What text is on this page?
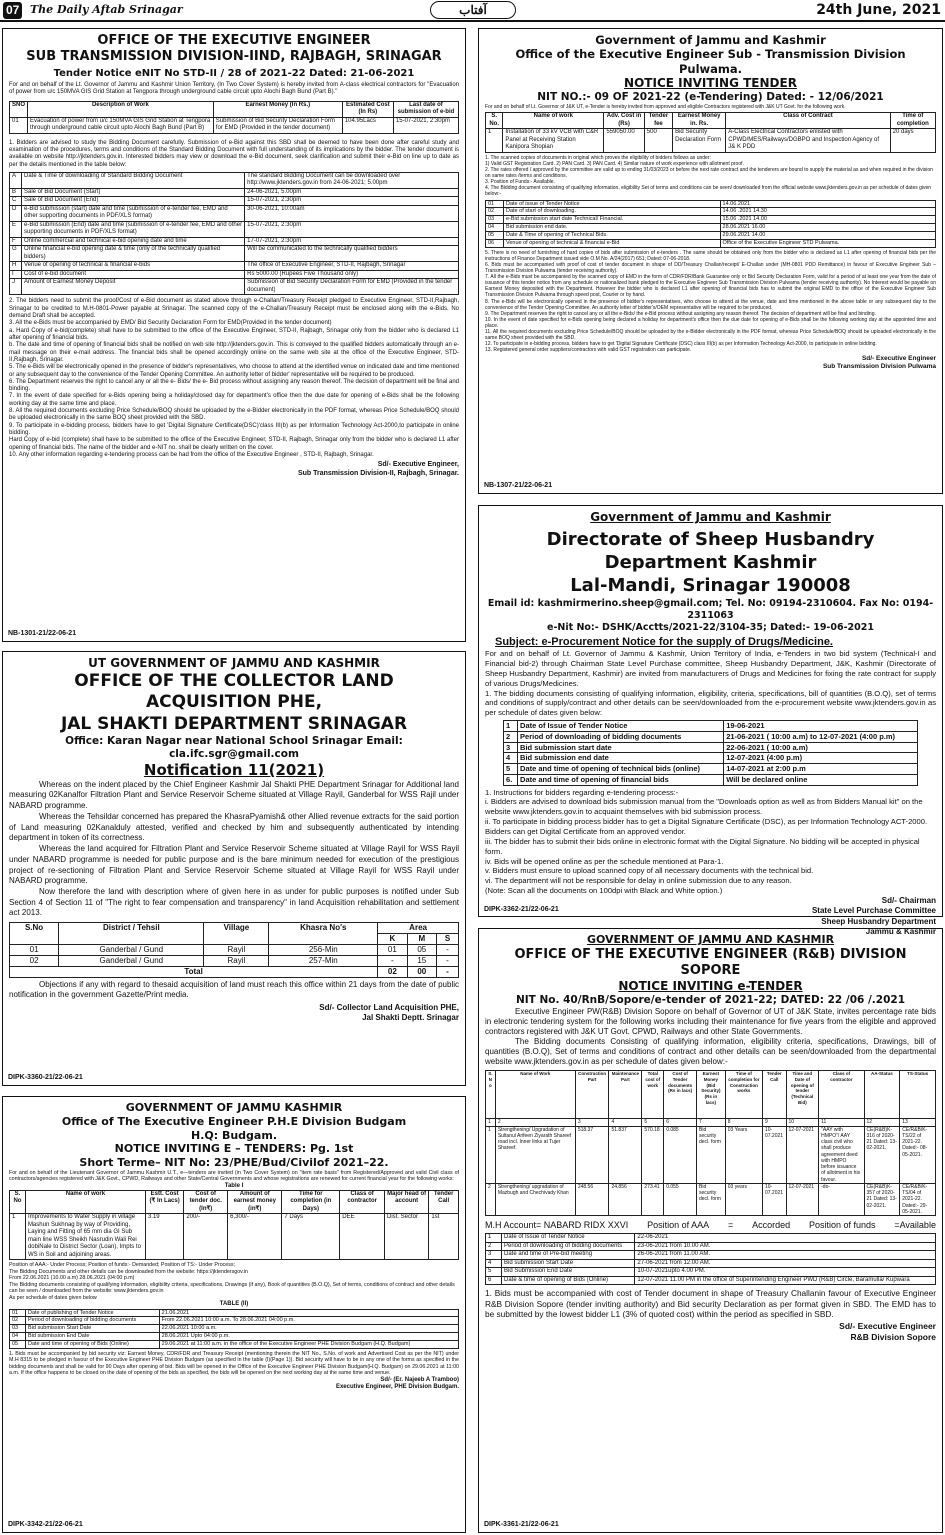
07 The Daily Aftab Srinagar	آفتاب	24th June, 2021
OFFICE OF THE EXECUTIVE ENGINEER
SUB TRANSMISSION DIVISION-IIND, RAJBAGH, SRINAGAR
Tender Notice eNIT No STD-II / 28 of 2021-22 Dated: 21-06-2021

For and on behalf of the Lt. Governor of Jammu and Kashmir Union Territory, (In Two Cover System) is hereby invited from A-class electrical contractors for "Evacuation of power from u/c 150MVA GIS Grid Station at Tengpora through underground cable circuit upto Alochi Bagh Bund (Part B)."

SNO	Description of Work	Earnest Money (In Rs.)	Estimated Cost (In Rs)	Last date of submission of e-bid
01	Evacuation of power from u/c 150MVA GIS Grid Station at Tengpora through underground cable circuit upto Alochi Bagh Bund (Part B)	Submission of Bid Security Declaration Form for EMD (Provided in the tender document)	104.95Lacs	15-07-2021, 2:30pm

1. Bidders are advised to study the Bidding Document carefully. Submission of e-Bid against this SBD shall be deemed to have been done after careful study and examination of the procedures, terms and conditions of the Standard Bidding Document with full understanding of its implications by the bidder. The tender document is available on website http://jktenders.gov.in. Interested bidders may view or download the e-Bid document, seek clarification and submit their e-Bid on line up to date as per the details mentioned in the table below:

A	Date & Time of downloading of Standard Bidding Document	The standard Bidding Document can be downloaded over http://www.jktenders.gov.in from 24-06-2021; 5.00pm
B	Sale of Bid Document (Start)	24-06-2021, 5.00pm
C	Sale of Bid Document (End)	15-07-2021, 2:30pm
D	e-Bid submission (start) date and time (submission of e-tender fee, EMD and other supporting documents in PDF/XLS format)	30-06-2021, 10:00am
E	e-Bid submission (End) date and time (submission of e-tender fee, EMD and other supporting documents in PDF/XLS format)	15-07-2021, 2:30pm
F	Online commercial and technical e-bid opening date and time	17-07-2021, 2:30pm
G	Online financial e-bid opening date & time (only of the technically qualified bidders)	Will be communicated to the technically qualified bidders
H	Venue of opening of technical & financial e-bids	The office of Executive Engineer, STD-II, Rajbagh, Srinagar
I	Cost of e-bid document	Rs 5000.00 (Rupees Five Thousand only)
J	Amount of Earnest Money Deposit	Submission of Bid Security Declaration Form for EMD (Provided in the tender document)

2. The bidders need to submit the proof/Cost of e-Bid document as stated above through e-Challan/Treasury Receipt pledged to Executive Engineer, STD-II,Rajbagh, Srinagar to be credited to M.H-0801-Power payable at Srinagar. The scanned copy of the e-Challan/Treasury Receipt must be enclosed along with the e-Bids. No demand Draft shall be accepted.

3. All the e-Bids must be accompanied by EMD/ Bid Security Declaration Form for EMD(Provided in the tender document)

a. Hard Copy of e-bid(complete) shall have to be submitted to the office of the Executive Engineer, STD-II, Rajbagh, Srinagar only from the bidder who is declared L1 after opening of financial bids.

b. The date and time of opening of financial bids shall be notified on web site http://jktenders.gov.in. This is conveyed to the qualified bidders automatically through an e-mail message on their e-mail address. The financial bids shall be opened accordingly online on the same web site at the office of the Executive Engineer, STD-II,Rajbagh, Srinagar.

5. The e-Bids will be electronically opened in the presence of bidder's representatives, who choose to attend at the identified venue on indicated date and time mentioned or any subsequent day to the convenience of the Tender Opening Committee. An authority letter of bidder' representative will be required to be produced.

6. The Department reserves the right to cancel any or all the e- Bids/ the e- Bid process without assigning any reason thereof. The decision of department will be final and binding.

7. In the event of date specified for e-Bids opening being a holiday/closed day for department's office then the due date for opening of e-Bids shall be the following working day at the same time and place.

8. All the required documents excluding Price Schedule/BOQ should be uploaded by the e-Bidder electronically in the PDF format, whereas Price Schedule/BOQ should be uploaded electronically in the same BOQ sheet provided with the SBD.

9. To participate in e-bidding process, bidders have to get 'Digital Signature Certificate(DSC)'class III(b) as per Information Technology Act-2000,to participate in online bidding.

Hard Copy of e-bid (complete) shall have to be submitted to the office of the Executive Engineer, STD-II, Rajbagh, Srinagar only from the bidder who is declared L1 after opening of financial bids. The name of the bidder and e-NIT no. shall be clearly written on the cover.

10. Any other information regarding e-tendering process can be had from the office of the Executive Engineer , STD-II, Rajbagh, Srinagar.

Sd/- Executive Engineer,
Sub Transmission Division-II, Rajbagh, Srinagar.
NB-1301-21/22-06-21
Government of Jammu and Kashmir
Office of the Executive Engineer Sub - Transmission Division Pulwama.
NOTICE INVITING TENDER
NIT NO.:- 09 OF 2021-22 (e-Tendering) Dated: - 12/06/2021

For and on behalf of Lt. Governor of J&K UT, e-Tender is hereby invited from approved and eligible Contractors registered with J&K UT Govt. for the following work.

S. No.	Name of work	Adv. Cost in (Rs)	Tender fee	Earnest Money in. Rs.	Class of Contract	Time of completion
1	Installation of 33 kV VCB with C&R Panel at Receiving Station Kanipora Shopian	559050.00	500	Bid Security Declaration Form	A-Class Electrical Contractors enlisted with CPWD/MES/Railways/DGBPO and Inspection Agency of J& K PDD	20 days

1. The scanned copies of documents in original which proves the eligibility of bidders follows as under:
1) Valid GST Registration Card. 2) PAN Card. 3) PAN Card. 4) Similar nature of work experience with allotment proof.
2. The rates offered / approved by the committee are valid up to ending 31/03/2023 or before the next rate contract and the tenderers are bound to supply the material as and when required in the division on same rates /terms and conditions.
3. Position of Funds:- Available.
4. The Bidding document consisting of qualifying information, eligibility Set of terms and conditions can be seen/ downloaded from the official website www.jktenders.gov.in as per schedule of dates given below:-

01	Date of issue of Tender Notice	14.06.2021
02	Date of start of downloading.	14.06 .2021 14.30
03	e-Bid submission start date Technical/ Financial.	15.06 .2021 14.00
04	Bid submission end date.	28.06.2021 16.00
05	Date & Time of opening of Technical Bids.	29.06.2021 14.00
06	Venue of opening of technical & financial e-Bid	Office of the Executive Engineer STD Pulwama.

5. There is no need of furnishing of hard copies of bids after submission of e-tenders . The same should be obtained only from the bidder who is declared as L1 after opening of financial bids per the instructions of Finance Department issued vide O.M No. A/24(2017) 651; Dated: 07-06-2018.
6. Bids must be accompanied with proof of cost of tender document in shape of DD/Treasury Challan/receipt/ E-Challan under (MH-0801 PDD Remittance) in favour of Executive Engineer Sub –Transmission Division Pulwama (tender receiving authority).
7. All the e-Bids must be accompanied by the scanned copy of EMD in the form of CDR/FDR/Bank Guarantee only or Bid Security Declaration Form, valid for a period of at least one year from the date of issuance of this tender notice from any schedule or nationalized bank pledged to the Executive Engineer Sub Transmission Division Pulwama (tender receiving authority). No Interest would be payable on Earnest Money deposited with the Department. However the bidder who is declared L1 after opening of financial bids has to submit the original EMD to the office of the Executive Engineer Sub Transmission Division Pulwama through speed post, Courier or by hand.
8. The e-Bids will be electronically opened in the presence of bidder's representatives, who choose to attend at the venue, date and time mentioned in the above table or any subsequent day to the convenience of the Tender Opening Committee. An authority letter of bidder's/OEM representative will be required to be produced.
9. The Department reserves the right to cancel any or all the e-Bids/ the e-Bid process without assigning any reason thereof. The decision of department will be final and binding.
10. In the event of date specified for e-Bids opening being declared a holiday for department's office then the due date for opening of e-Bids shall be the following working day at the appointed time and place.
11. All the required documents excluding Price Schedule/BOQ should be uploaded by the e-Bidder electronically in the PDF format, whereas Price Schedule/BOQ should be uploaded electronically in the same BOQ sheet provided with the SBD.
12. To participate in e-bidding process, bidders have to get 'Digital Signature Certificate (DSC) class III(b) as per Information Technology Act-2000, to participate in online bidding.
13. Registered general order suppliers/contractors with valid GST registration can participate.

Sd/- Executive Engineer
Sub Transmission Division Pulwama
NB-1307-21/22-06-21
Government of Jammu and Kashmir
Directorate of Sheep Husbandry Department Kashmir
Lal-Mandi, Srinagar 190008
Email id: kashmirmerino.sheep@gmail.com; Tel. No: 09194-2310604. Fax No: 0194-2311063
e-Nit No:- DSHK/Acctts/2021-22/3104-35; Dated:- 19-06-2021
Subject: e-Procurement Notice for the supply of Drugs/Medicine.

For and on behalf of Lt. Governor of Jammu & Kashmir, Union Territory of India, e-Tenders in two bid system (Technical-I and Financial bid-2) through Chairman State Level Purchase committee, Sheep Husbandry Department, J&K, Kashmir (Directorate of Sheep Husbandry Department, Kashmir) are invited from manufacturers of Drugs and Medicines for fixing the rate contract for supply of various Drugs/Medicines.

1. The bidding documents consisting of qualifying information, eligibility, criteria, specifications, bill of quantities (B.O.Q), set of terms and conditions of supply/contract and other details can be seen/downloaded from the e-procurement website www.jktenders.gov.in as per schedule of dates given below:

1	Date of Issue of Tender Notice	19-06-2021
2	Period of downloading of bidding documents	21-06-2021 ( 10:00 a.m) to 12-07-2021 (4:00 p.m)
3	Bid submission start date	22-06-2021 ( 10:00 a.m)
4	Bid submission end date	12-07-2021 (4:00 p.m)
5	Date and time of opening of technical bids (online)	14-07-2021 at 2:00 p.m
6.	Date and time of opening of financial bids	Will be declared online

1. Instructions for bidders regarding e-tendering process:-
i. Bidders are advised to download bids submission manual from the "Downloads option as well as from Bidders Manual kit" on the website www.jktenders.gov.in to acquaint themselves with bid submission process.
ii. To participate in bidding process bidder has to get a Digital Signature Certificate (DSC), as per Information Technology ACT-2000. Bidders can get Digital Certificate from an approved vendor.
iii. The bidder has to submit their bids online in electronic format with the Digital Signature. No bidding will be accepted in physical form.
iv. Bids will be opened online as per the schedule mentioned at Para-1.
v. Bidders must ensure to upload scanned copy of all necessary documents with the technical bid.
vi. The department will not be responsible for delay in online submission due to any reason.
(Note: Scan all the documents on 100dpi with Black and White option.)

Sd/- Chairman
State Level Purchase Committee
Sheep Husbandry Department
Jammu & Kashmir
DIPK-3362-21/22-06-21
UT GOVERNMENT OF JAMMU AND KASHMIR
OFFICE OF THE COLLECTOR LAND ACQUISITION PHE,
JAL SHAKTI DEPARTMENT SRINAGAR
Office: Karan Nagar near National School Srinagar Email: cla.ifc.sgr@gmail.com
Notification 11(2021)

Whereas on the indent placed by the Chief Engineer Kashmir Jal Shakti PHE Department Srinagar for Additional land measuring 02Kanalfor Filtration Plant and Service Reservoir Scheme situated at Village Rayil, Ganderbal for WSS Rajil under NABARD programme.

Whereas the Tehsildar concerned has prepared the KhasraPyamish& other Allied revenue extracts for the said portion of Land measuring 02Kanalduly attested, verified and checked by him and subsequently authenticated by intending department in token of its correctness.

Whereas the land acquired for Filtration Plant and Service Reservoir Scheme situated at Village Rayil for WSS Rayil under NABARD programme is needed for public purpose and is the bare minimum needed for execution of the prestigious project of re-sectioning of Filtration Plant and Service Reservoir Scheme situated at Village Rayil for WSS Rayil under NABARD programme.

Now therefore the land with description where of given here in as under for public purposes is notified under Sub Section 4 of Section 11 of "The right to fear compensation and transparency" in land Acquisition rehabilitation and settlement act 2013.

S.No	District / Tehsil	Village	Khasra No's	Area		
				K	M	S
01	Ganderbal / Gund	Rayil	256-Min	01	05	-
02	Ganderbal / Gund	Rayil	257-Min	-	15	-
Total				02	00	-

Objections if any with regard to thesaid acquisition of land must reach this office within 21 days from the date of public notification in the government Gazette/Print media.

Sd/- Collector Land Acquisition PHE,
Jal Shakti Deptt. Srinagar
DIPK-3360-21/22-06-21
GOVERNMENT OF JAMMU KASHMIR
Office of The Executive Engineer P.H.E Division Budgam
H.Q: Budgam.
NOTICE INVITING E – TENDERS: Pg. 1st
Short Terme– NIT No: 23/PHE/Bud/Civilof 2021–22.

For and on behalf of the Lieutenant Governor of Jammu Kashmir U.T., e—tenders are invited (in Two Cover System) on "item rate basis" from Registered/Approved and valid Civil class of contractors/agencies registered with J&K Govt., CPWD, Railways and other State/Central Governments and whose registrations are renewed for current financial year for the following works:

Table I
S. No	Name of work	Estt. Cost (₹ In Lacs)	Cost of tender doc. (In₹)	Amount of earnest money (in₹)	Time for completion (in Days)	Class of contractor	Major head of account	Tender Call
1	Improvements to Water Supply in village Mashun Sukhnag by way of Providing, Laying and Fitting of 65 mm dia GI Sub main line WSS Sheikh Nasrudin Wali Rei dobiNale to District Sector (Loan), Impts to WS in Soil and adjoining areas.	3.19	200/-	6,300/-	7 Days	DEE	Dist. Sector	1st

Position of AAA:- Under Process; Position of funds:- Demanded; Position of TS:- Under Process;
The Bidding Documents and other details can be downloaded from the website: https://jktendersgov.in
From 22.06.2021 (10.00 a.m) 28.06.2021 (04:00 p.m)
The Bidding documents consisting of qualifying information, eligibility criteria, specifications, Drawings (if any), Book of quantities (B.O.Q), Set of terms, conditions of contract and other details can be seen / downloaded from the website: www.jktenders.gov.in
As per schedule of dates given below

TABLE (II)
01	Date of publishing of Tender Notice	21.06.2021
02	Period of downloading of bidding documents	From 22.06.2021 10:00 a.m. To 28.06.2021 04:00 p.m.
03	Bid submission Start Date	22.06.2021 10:00 a.m.
04	Bid submission End Date	28.06.2021 Upto 04:00 p.m.
05	Date and time of opening of Bids (Online)	29.06.2021 at 11:00 a.m. in the office of the Executive Engineer PHE Division Budgam (H.Q. Budgam)

1. Bids must be accompanied by bid security viz: Earnest Money, CDR/FDR and Treasury Receipt (mentioning therein the NIT No., S.No. of work and Advertised Cost as per the NIT) under M.H 8315 to be pledged in favour of the Executive Engineer PHE Division Budgam (as specified in the table (I)(Page 1)). Bid security will have to be in any one of the forms as specified in the bidding documents and shall be valid for 90 Days after opening of bid. Bids will be opened in the Office of the Executive Engineer PHE Division Budgam(H.Q. Budgam) on 29.06.2021 at 11:00 a.m. If the office happens to be closed on the date of opening of the bids as specified, the bids will be opened on the next working day at the same time and venue.

Sd/- (Er. Najeeb A Tramboo)
Executive Engineer, PHE Division Budgam.
DIPK-3342-21/22-06-21
GOVERNMENT OF JAMMU AND KASHMIR
OFFICE OF THE EXECUTIVE ENGINEER (R&B) DIVISION SOPORE
NOTICE INVITING e-TENDER
NIT No. 40/RnB/Sopore/e-tender of 2021-22; DATED: 22 /06 /.2021

Executive Engineer PW(R&B) Division Sopore on behalf of Governor of UT of J&K State, invites percentage rate bids in electronic tendering system for the following works including their maintenance for five years from the eligible and approved contractors registered with J&K UT Govt. CPWD, Railways and other State Governments.

The Bidding documents Consisting of qualifying information, eligibility criteria, specifications, Drawings, bill of quantities (B.O.Q), Set of terms and conditions of contract and other details can be seen/downloaded from the departmental website www.jktenders.gov.in as per schedule of dates given below:-

S. N o	Name of Work	Construction Part	Maintenance Part	Total cost of work	Cost of Tender documents (Rs in lacs)	Earnest Money (Bid Security) (Rs in lacs)	Time of completion for Construction works	Tender Call	Time and Date of opening of tender (Technical Bid)	Class of contractor	AA-Status	TS-Status
1	2	3	4	5	6	7	8	9	10	11	12	13
1	Strengthening/ Upgradation of Sultanul Arifeen Ziyarath Shareef road incl. Inner links at Tujer Shareef.	518.37	51.837	570.18	0.085	Bid security decl. form	03 Years	10-07.2021	12-07-2021	"AAY with HMPO"/ AAY class civil who shall produce agreement deed with HMPO before issuance of allotment in his favour.	CE(R&B)K-316 of 2020-21 Dated: 13-02-2021.	CE/R&B/K-TS/22 of 2021-22. Dated:- 08-05-2021.
2	Strengthening/ upgradation of Mazbugh and Chechivady Khan	248.56	24.856	273.41	0.055	Bid security decl. form	03 years	10-07.2021	12-07-2021	-do-	CE(R&B)K-357 of 2020-21 Dated: 13-02-2021.	CE/R&B/K-TS/04 of 2021-22. Dated:- 29-05-2021.
M.H Account= NABARD RIDX XXVI Position of AAA = Accorded Position of funds =Available
1	Date of Issue of Tender Notice	22-06-2021
2	Period of downloading of bidding documents	23-06-2021 from 10.00 AM.
3	Date and time of Pre-bid meeting	26-06-2021 from 11.00 AM.
4	Bid submission Start Date	27-06-2021 from 12.00 AM.
5	Bid Submission End Date	10-07-2021upto 4.00 PM.
6	Date & time of opening of Bids (Online)	12-07-2021 11.00 PM in the office of Superintending Engineer PWD (R&B) Circle, Baramulla/ Kupwara

1. Bids must be accompanied with cost of Tender document in shape of Treasury Challanin favour of Executive Engineer R&B Division Sopore (tender inviting authority) and Bid security Declaration as per format given in SBD. The EMD has to be submitted by the lowest bidder L1 (3% of quoted cost) within the period as specified in SBD.

Sd/- Executive Engineer
R&B Division Sopore
DIPK-3361-21/22-06-21
